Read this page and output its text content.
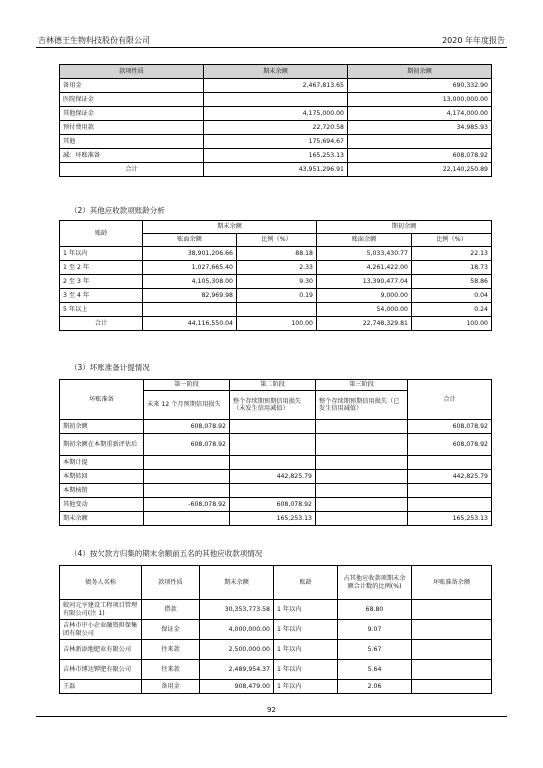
吉林德王生物科技股份有限公司	2020 年年度报告
款项性质	期末余额	期初余额
备用金	2,467,813.65	690,332.90
医院保证金		13,000,000.00
其他保证金	4,175,000.00	4,174,000.00
预付费用款	22,720.58	34,985.93
其他	175,694.67	
减：坏账准备	165,253.13	608,078.92
合计	43,951,296.91	22,140,250.89
（2）其他应收款项账龄分析
账龄	期末余额		期初余额	
	账面余额	比例（%）	账面余额	比例（%）
1 年以内	38,901,206.66	88.18	5,033,430.77	22.13
1 至 2 年	1,027,665.40	2.33	4,261,422.00	18.73
2 至 3 年	4,105,308.00	9.30	13,390,477.04	58.86
3 至 4 年	82,969.98	0.19	9,000.00	0.04
5 年以上			54,000.00	0.24
合计	44,116,550.04	100.00	22,748,329.81	100.00
（3）坏账准备计提情况
坏账准备	第一阶段	第二阶段	第三阶段	合计
	未来 12 个月预期信用损失	整个存续期预期信用损失（未发生信用减值）	整个存续期预期信用损失（已发生信用减值）	
期初余额	608,078.92			608,078.92
期初余额在本期重新评估后	608,078.92			608,078.92
本期计提				
本期转回		442,825.79		442,825.79
本期核销				
其他变动	-608,078.92	608,078.92		
期末余额		165,253.13		165,253.13
（4）按欠款方归集的期末余额前五名的其他应收款项情况
债务人名称	款项性质	期末余额	账龄	占其他应收款项期末余额合计数的比例(%)	坏账准备余额
蛟河元亨建设工程项目管理有限公司(注 1)	借款	30,353,773.58	1 年以内	68.80	
吉林市中小企业融资担保集团有限公司	保证金	4,000,000.00	1 年以内	9.07	
吉林新添地肥业有限公司	往来款	2,500,000.00	1 年以内	5.67	
吉林市博达钾肥有限公司	往来款	2,489,954.37	1 年以内	5.64	
王磊	备用金	908,479.00	1 年以内	2.06	
92
